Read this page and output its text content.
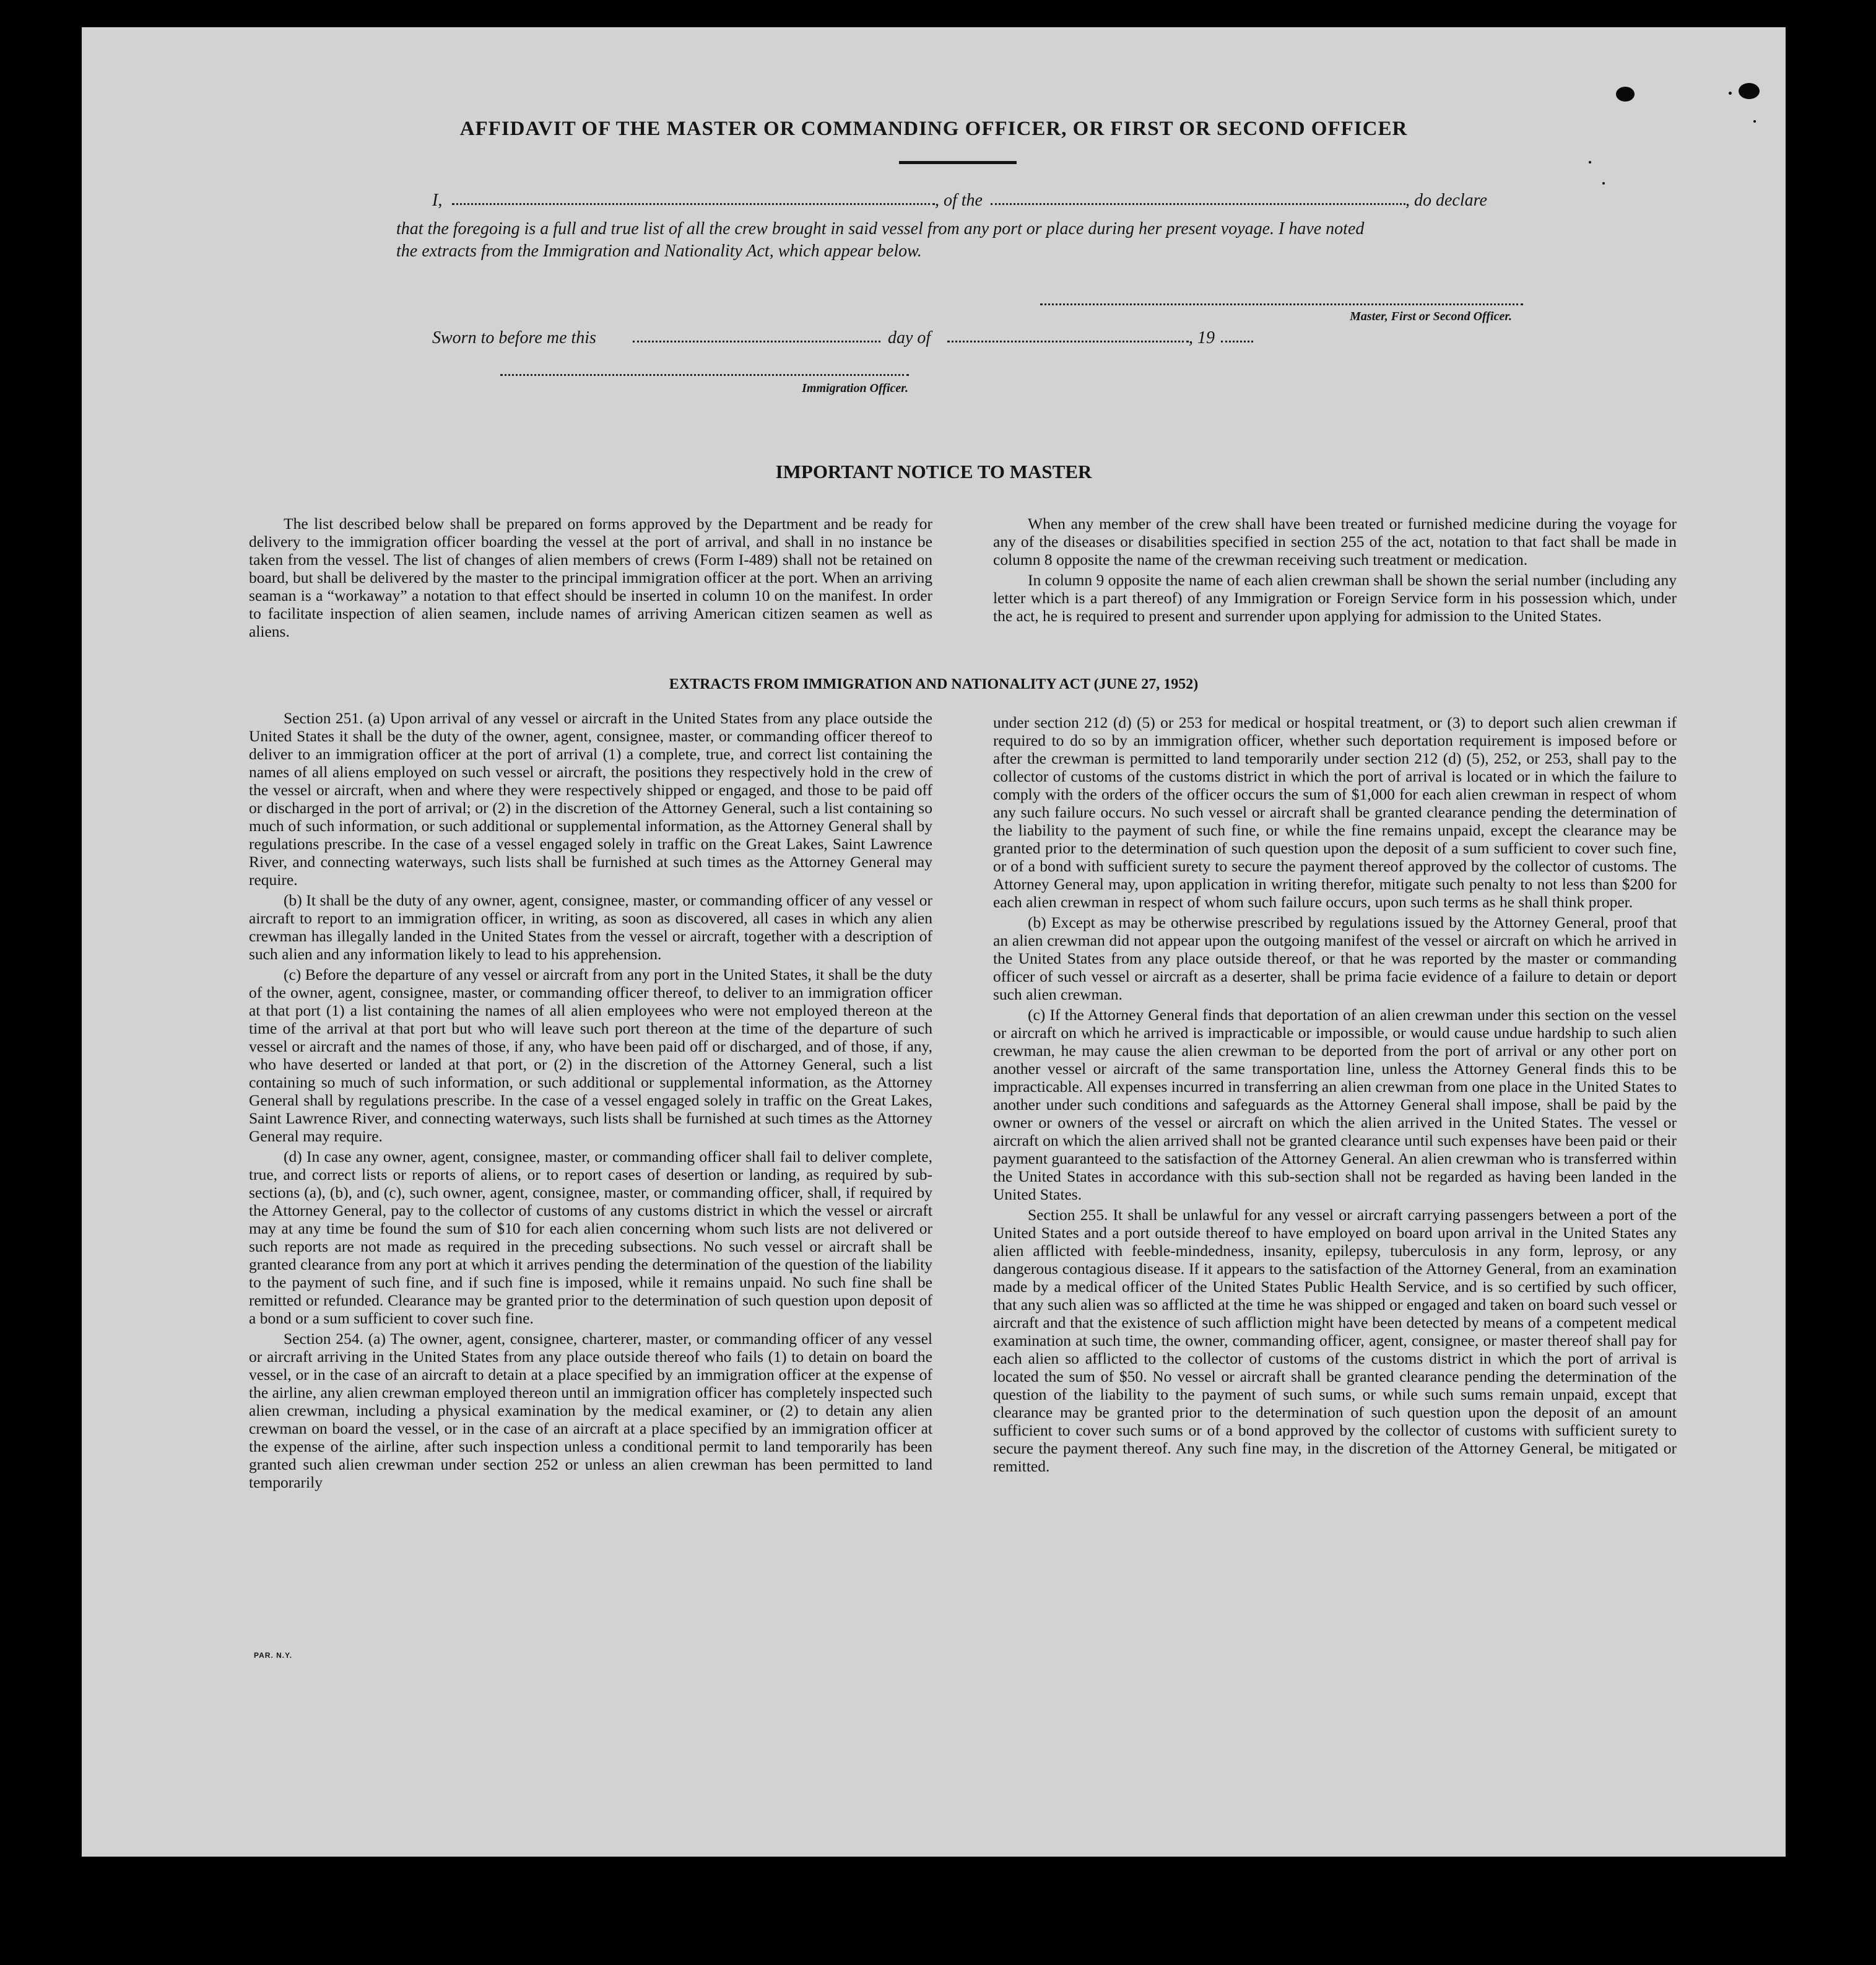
AFFIDAVIT OF THE MASTER OR COMMANDING OFFICER, OR FIRST OR SECOND OFFICER
I,	, of the	, do declare
that the foregoing is a full and true list of all the crew brought in said vessel from any port or place during her present voyage. I have noted
the extracts from the Immigration and Nationality Act, which appear below.
Master, First or Second Officer.
Sworn to before me this	day of	, 19
Immigration Officer.
IMPORTANT NOTICE TO MASTER

The list described below shall be prepared on forms approved by the Department and be ready for delivery to the immigration officer boarding the vessel at the port of arrival, and shall in no instance be taken from the vessel. The list of changes of alien members of crews (Form I-489) shall not be retained on board, but shall be delivered by the master to the principal immigration officer at the port. When an arriving seaman is a “workaway” a notation to that effect should be inserted in column 10 on the manifest. In order to facilitate inspection of alien seamen, include names of arriving American citizen seamen as well as aliens.

When any member of the crew shall have been treated or furnished medicine during the voyage for any of the diseases or disabilities specified in section 255 of the act, notation to that fact shall be made in column 8 opposite the name of the crewman receiving such treatment or medication.

In column 9 opposite the name of each alien crewman shall be shown the serial number (including any letter which is a part thereof) of any Immigration or Foreign Service form in his possession which, under the act, he is required to present and surrender upon applying for admission to the United States.

EXTRACTS FROM IMMIGRATION AND NATIONALITY ACT (JUNE 27, 1952)

Section 251. (a) Upon arrival of any vessel or aircraft in the United States from any place outside the United States it shall be the duty of the owner, agent, consignee, master, or commanding officer thereof to deliver to an immigration officer at the port of arrival (1) a complete, true, and correct list containing the names of all aliens employed on such vessel or aircraft, the positions they respectively hold in the crew of the vessel or aircraft, when and where they were respectively shipped or engaged, and those to be paid off or discharged in the port of arrival; or (2) in the discretion of the Attorney General, such a list containing so much of such information, or such additional or supplemental information, as the Attorney General shall by regulations prescribe. In the case of a vessel engaged solely in traffic on the Great Lakes, Saint Lawrence River, and connecting waterways, such lists shall be furnished at such times as the Attorney General may require.

(b) It shall be the duty of any owner, agent, consignee, master, or commanding officer of any vessel or aircraft to report to an immigration officer, in writing, as soon as discovered, all cases in which any alien crewman has illegally landed in the United States from the vessel or aircraft, together with a description of such alien and any information likely to lead to his apprehension.

(c) Before the departure of any vessel or aircraft from any port in the United States, it shall be the duty of the owner, agent, consignee, master, or commanding officer thereof, to deliver to an immigration officer at that port (1) a list containing the names of all alien employees who were not employed thereon at the time of the arrival at that port but who will leave such port thereon at the time of the departure of such vessel or aircraft and the names of those, if any, who have been paid off or discharged, and of those, if any, who have deserted or landed at that port, or (2) in the discretion of the Attorney General, such a list containing so much of such information, or such additional or supplemental information, as the Attorney General shall by regulations prescribe. In the case of a vessel engaged solely in traffic on the Great Lakes, Saint Lawrence River, and connecting waterways, such lists shall be furnished at such times as the Attorney General may require.

(d) In case any owner, agent, consignee, master, or commanding officer shall fail to deliver complete, true, and correct lists or reports of aliens, or to report cases of desertion or landing, as required by sub-sections (a), (b), and (c), such owner, agent, consignee, master, or commanding officer, shall, if required by the Attorney General, pay to the collector of customs of any customs district in which the vessel or aircraft may at any time be found the sum of $10 for each alien concerning whom such lists are not delivered or such reports are not made as required in the preceding subsections. No such vessel or aircraft shall be granted clearance from any port at which it arrives pending the determination of the question of the liability to the payment of such fine, and if such fine is imposed, while it remains unpaid. No such fine shall be remitted or refunded. Clearance may be granted prior to the determination of such question upon deposit of a bond or a sum sufficient to cover such fine.

Section 254. (a) The owner, agent, consignee, charterer, master, or commanding officer of any vessel or aircraft arriving in the United States from any place outside thereof who fails (1) to detain on board the vessel, or in the case of an aircraft to detain at a place specified by an immigration officer at the expense of the airline, any alien crewman employed thereon until an immigration officer has completely inspected such alien crewman, including a physical examination by the medical examiner, or (2) to detain any alien crewman on board the vessel, or in the case of an aircraft at a place specified by an immigration officer at the expense of the airline, after such inspection unless a conditional permit to land temporarily has been granted such alien crewman under section 252 or unless an alien crewman has been permitted to land temporarily

under section 212 (d) (5) or 253 for medical or hospital treatment, or (3) to deport such alien crewman if required to do so by an immigration officer, whether such deportation requirement is imposed before or after the crewman is permitted to land temporarily under section 212 (d) (5), 252, or 253, shall pay to the collector of customs of the customs district in which the port of arrival is located or in which the failure to comply with the orders of the officer occurs the sum of $1,000 for each alien crewman in respect of whom any such failure occurs. No such vessel or aircraft shall be granted clearance pending the determination of the liability to the payment of such fine, or while the fine remains unpaid, except the clearance may be granted prior to the determination of such question upon the deposit of a sum sufficient to cover such fine, or of a bond with sufficient surety to secure the payment thereof approved by the collector of customs. The Attorney General may, upon application in writing therefor, mitigate such penalty to not less than $200 for each alien crewman in respect of whom such failure occurs, upon such terms as he shall think proper.

(b) Except as may be otherwise prescribed by regulations issued by the Attorney General, proof that an alien crewman did not appear upon the outgoing manifest of the vessel or aircraft on which he arrived in the United States from any place outside thereof, or that he was reported by the master or commanding officer of such vessel or aircraft as a deserter, shall be prima facie evidence of a failure to detain or deport such alien crewman.

(c) If the Attorney General finds that deportation of an alien crewman under this section on the vessel or aircraft on which he arrived is impracticable or impossible, or would cause undue hardship to such alien crewman, he may cause the alien crewman to be deported from the port of arrival or any other port on another vessel or aircraft of the same transportation line, unless the Attorney General finds this to be impracticable. All expenses incurred in transferring an alien crewman from one place in the United States to another under such conditions and safeguards as the Attorney General shall impose, shall be paid by the owner or owners of the vessel or aircraft on which the alien arrived in the United States. The vessel or aircraft on which the alien arrived shall not be granted clearance until such expenses have been paid or their payment guaranteed to the satisfaction of the Attorney General. An alien crewman who is transferred within the United States in accordance with this sub-section shall not be regarded as having been landed in the United States.

Section 255. It shall be unlawful for any vessel or aircraft carrying passengers between a port of the United States and a port outside thereof to have employed on board upon arrival in the United States any alien afflicted with feeble-mindedness, insanity, epilepsy, tuberculosis in any form, leprosy, or any dangerous contagious disease. If it appears to the satisfaction of the Attorney General, from an examination made by a medical officer of the United States Public Health Service, and is so certified by such officer, that any such alien was so afflicted at the time he was shipped or engaged and taken on board such vessel or aircraft and that the existence of such affliction might have been detected by means of a competent medical examination at such time, the owner, commanding officer, agent, consignee, or master thereof shall pay for each alien so afflicted to the collector of customs of the customs district in which the port of arrival is located the sum of $50. No vessel or aircraft shall be granted clearance pending the determination of the question of the liability to the payment of such sums, or while such sums remain unpaid, except that clearance may be granted prior to the determination of such question upon the deposit of an amount sufficient to cover such sums or of a bond approved by the collector of customs with sufficient surety to secure the payment thereof. Any such fine may, in the discretion of the Attorney General, be mitigated or remitted.

PAR. N.Y.
